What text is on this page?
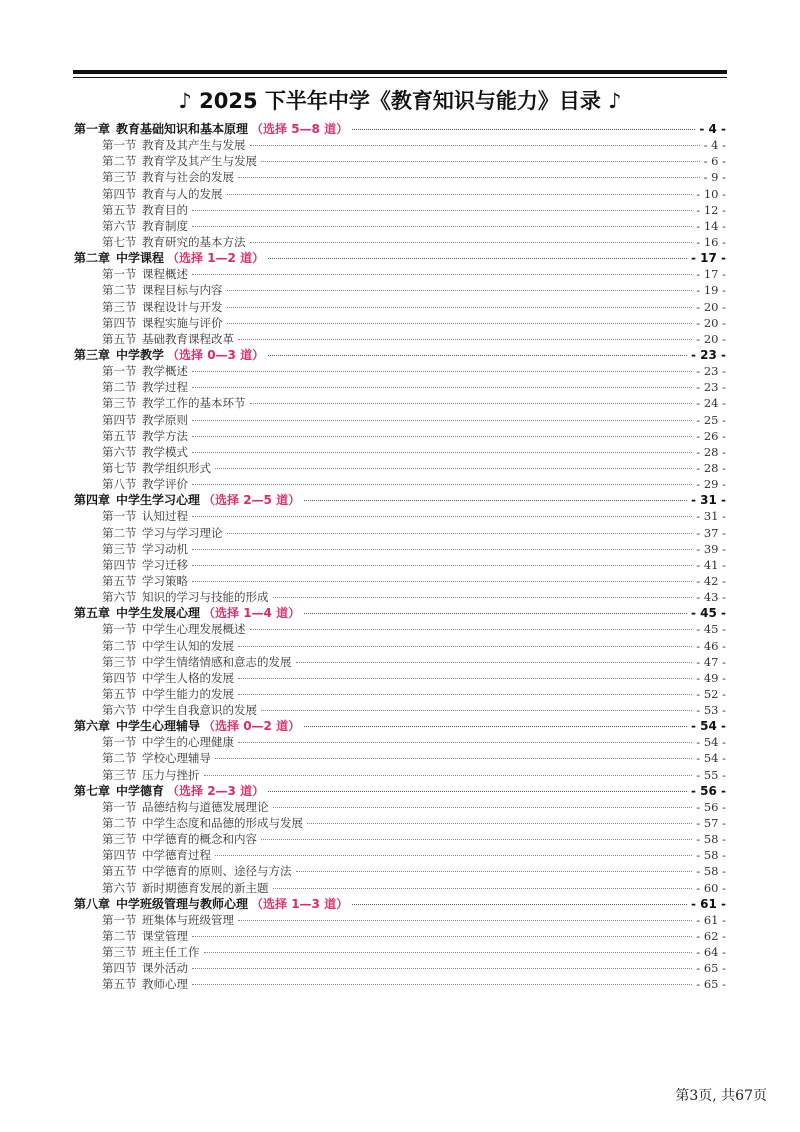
♪ 2025 下半年中学《教育知识与能力》目录 ♪
第一章 教育基础知识和基本原理 （选择 5—8 道）	- 4 -
第一节 教育及其产生与发展	- 4 -
第二节 教育学及其产生与发展	- 6 -
第三节 教育与社会的发展	- 9 -
第四节 教育与人的发展	- 10 -
第五节 教育目的	- 12 -
第六节 教育制度	- 14 -
第七节 教育研究的基本方法	- 16 -
第二章 中学课程 （选择 1—2 道）	- 17 -
第一节 课程概述	- 17 -
第二节 课程目标与内容	- 19 -
第三节 课程设计与开发	- 20 -
第四节 课程实施与评价	- 20 -
第五节 基础教育课程改革	- 20 -
第三章 中学教学 （选择 0—3 道）	- 23 -
第一节 教学概述	- 23 -
第二节 教学过程	- 23 -
第三节 教学工作的基本环节	- 24 -
第四节 教学原则	- 25 -
第五节 教学方法	- 26 -
第六节 教学模式	- 28 -
第七节 教学组织形式	- 28 -
第八节 教学评价	- 29 -
第四章 中学生学习心理 （选择 2—5 道）	- 31 -
第一节 认知过程	- 31 -
第二节 学习与学习理论	- 37 -
第三节 学习动机	- 39 -
第四节 学习迁移	- 41 -
第五节 学习策略	- 42 -
第六节 知识的学习与技能的形成	- 43 -
第五章 中学生发展心理 （选择 1—4 道）	- 45 -
第一节 中学生心理发展概述	- 45 -
第二节 中学生认知的发展	- 46 -
第三节 中学生情绪情感和意志的发展	- 47 -
第四节 中学生人格的发展	- 49 -
第五节 中学生能力的发展	- 52 -
第六节 中学生自我意识的发展	- 53 -
第六章 中学生心理辅导 （选择 0—2 道）	- 54 -
第一节 中学生的心理健康	- 54 -
第二节 学校心理辅导	- 54 -
第三节 压力与挫折	- 55 -
第七章 中学德育 （选择 2—3 道）	- 56 -
第一节 品德结构与道德发展理论	- 56 -
第二节 中学生态度和品德的形成与发展	- 57 -
第三节 中学德育的概念和内容	- 58 -
第四节 中学德育过程	- 58 -
第五节 中学德育的原则、途径与方法	- 58 -
第六节 新时期德育发展的新主题	- 60 -
第八章 中学班级管理与教师心理 （选择 1—3 道）	- 61 -
第一节 班集体与班级管理	- 61 -
第二节 课堂管理	- 62 -
第三节 班主任工作	- 64 -
第四节 课外活动	- 65 -
第五节 教师心理	- 65 -
第3页, 共67页
